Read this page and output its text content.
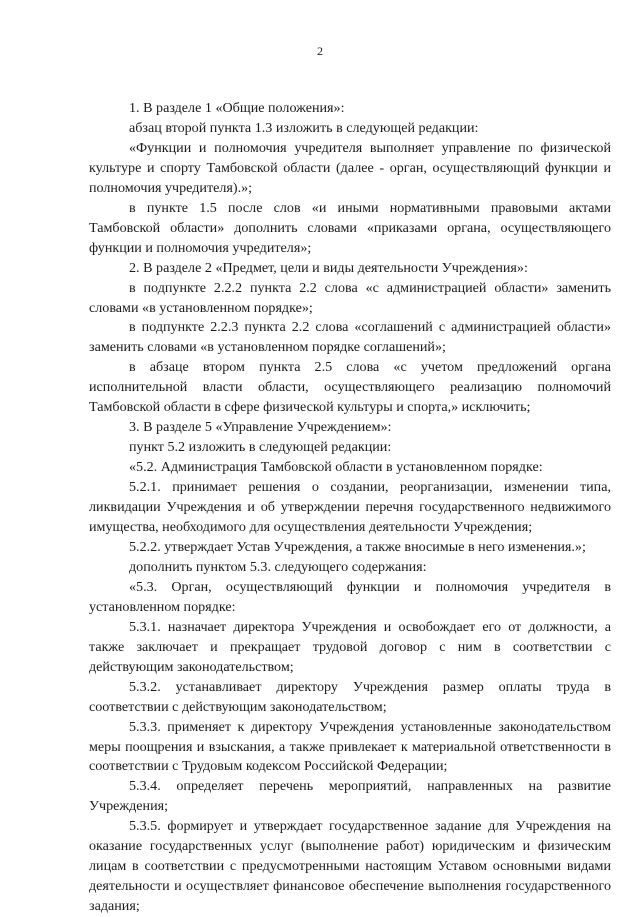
2

1. В разделе 1 «Общие положения»:

абзац второй пункта 1.3 изложить в следующей редакции:

«Функции и полномочия учредителя выполняет управление по физической культуре и спорту Тамбовской области (далее - орган, осуществляющий функции и полномочия учредителя).»;

в пункте 1.5 после слов «и иными нормативными правовыми актами Тамбовской области» дополнить словами «приказами органа, осуществляющего функции и полномочия учредителя»;

2. В разделе 2 «Предмет, цели и виды деятельности Учреждения»:

в подпункте 2.2.2 пункта 2.2 слова «с администрацией области» заменить словами «в установленном порядке»;

в подпункте 2.2.3 пункта 2.2 слова «соглашений с администрацией области» заменить словами «в установленном порядке соглашений»;

в абзаце втором пункта 2.5 слова «с учетом предложений органа исполнительной власти области, осуществляющего реализацию полномочий Тамбовской области в сфере физической культуры и спорта,» исключить;

3. В разделе 5 «Управление Учреждением»:

пункт 5.2 изложить в следующей редакции:

«5.2. Администрация Тамбовской области в установленном порядке:

5.2.1. принимает решения о создании, реорганизации, изменении типа, ликвидации Учреждения и об утверждении перечня государственного недвижимого имущества, необходимого для осуществления деятельности Учреждения;

5.2.2. утверждает Устав Учреждения, а также вносимые в него изменения.»;

дополнить пунктом 5.3. следующего содержания:

«5.3. Орган, осуществляющий функции и полномочия учредителя в установленном порядке:

5.3.1. назначает директора Учреждения и освобождает его от должности, а также заключает и прекращает трудовой договор с ним в соответствии с действующим законодательством;

5.3.2. устанавливает директору Учреждения размер оплаты труда в соответствии с действующим законодательством;

5.3.3. применяет к директору Учреждения установленные законодательством меры поощрения и взыскания, а также привлекает к материальной ответственности в соответствии с Трудовым кодексом Российской Федерации;

5.3.4. определяет перечень мероприятий, направленных на развитие Учреждения;

5.3.5. формирует и утверждает государственное задание для Учреждения на оказание государственных услуг (выполнение работ) юридическим и физическим лицам в соответствии с предусмотренными настоящим Уставом основными видами деятельности и осуществляет финансовое обеспечение выполнения государственного задания;
